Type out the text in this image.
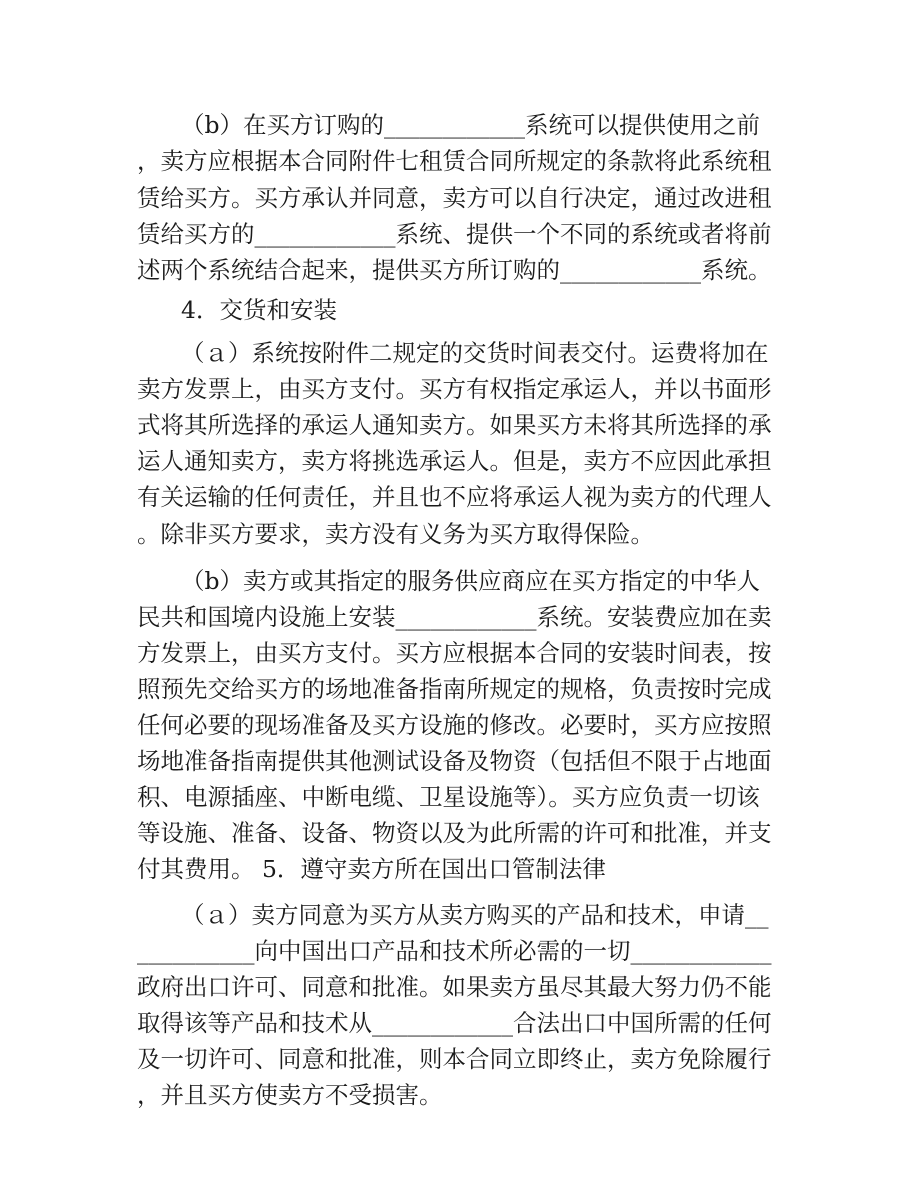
（b）在买方订购的____________系统可以提供使用之前
，卖方应根据本合同附件七租赁合同所规定的条款将此系统租
赁给买方。买方承认并同意，卖方可以自行决定，通过改进租
赁给买方的____________系统、提供一个不同的系统或者将前
述两个系统结合起来，提供买方所订购的____________系统。
4．交货和安装
（ａ）系统按附件二规定的交货时间表交付。运费将加在
卖方发票上，由买方支付。买方有权指定承运人，并以书面形
式将其所选择的承运人通知卖方。如果买方未将其所选择的承
运人通知卖方，卖方将挑选承运人。但是，卖方不应因此承担
有关运输的任何责任，并且也不应将承运人视为卖方的代理人
。除非买方要求，卖方没有义务为买方取得保险。
（b）卖方或其指定的服务供应商应在买方指定的中华人
民共和国境内设施上安装____________系统。安装费应加在卖
方发票上，由买方支付。买方应根据本合同的安装时间表，按
照预先交给买方的场地准备指南所规定的规格，负责按时完成
任何必要的现场准备及买方设施的修改。必要时，买方应按照
场地准备指南提供其他测试设备及物资（包括但不限于占地面
积、电源插座、中断电缆、卫星设施等）。买方应负责一切该
等设施、准备、设备、物资以及为此所需的许可和批准，并支
付其费用。 5．遵守卖方所在国出口管制法律
（ａ）卖方同意为买方从卖方购买的产品和技术，申请__
__________向中国出口产品和技术所必需的一切____________
政府出口许可、同意和批准。如果卖方虽尽其最大努力仍不能
取得该等产品和技术从____________合法出口中国所需的任何
及一切许可、同意和批准，则本合同立即终止，卖方免除履行
，并且买方使卖方不受损害。
